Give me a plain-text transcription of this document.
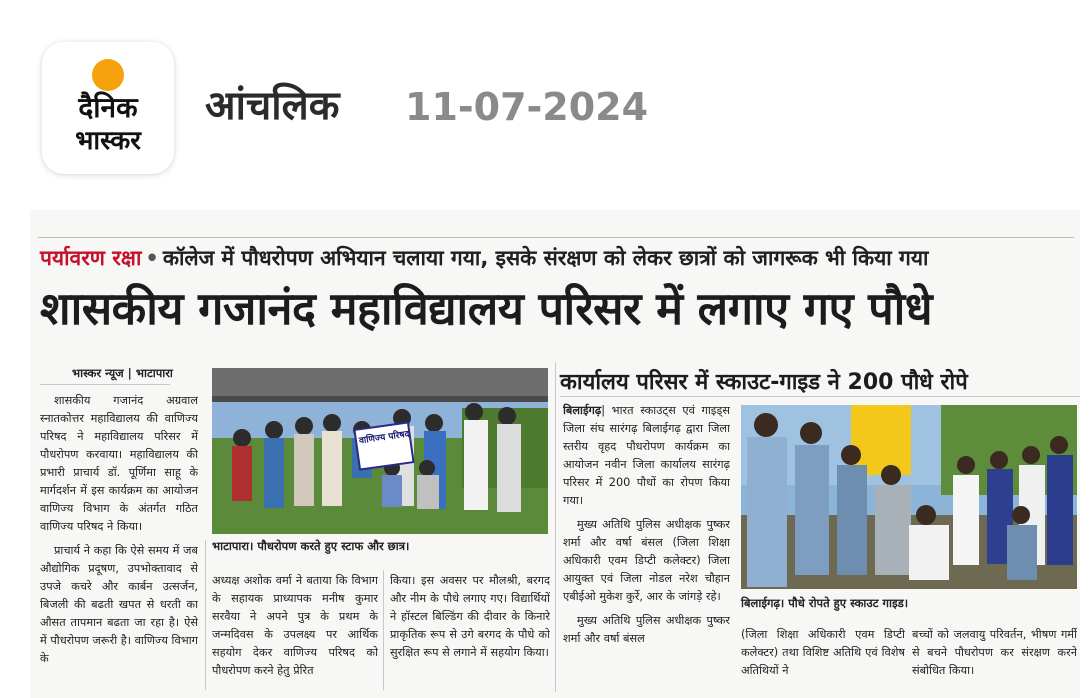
दैनिक
भास्कर
आंचलिक 11-07-2024
पर्यावरण रक्षा • कॉलेज में पौधरोपण अभियान चलाया गया, इसके संरक्षण को लेकर छात्रों को जागरूक भी किया गया
शासकीय गजानंद महाविद्यालय परिसर में लगाए गए पौधे
भास्कर न्यूज | भाटापारा

शासकीय गजानंद अग्रवाल स्नातकोत्तर महाविद्यालय की वाणिज्य परिषद ने महाविद्यालय परिसर में पौधरोपण करवाया। महाविद्यालय की प्रभारी प्राचार्य डॉ. पूर्णिमा साहू के मार्गदर्शन में इस कार्यक्रम का आयोजन वाणिज्य विभाग के अंतर्गत गठित वाणिज्य परिषद ने किया।

प्राचार्य ने कहा कि ऐसे समय में जब औद्योगिक प्रदूषण, उपभोक्तावाद से उपजे कचरे और कार्बन उत्सर्जन, बिजली की बढती खपत से धरती का औसत तापमान बढता जा रहा है। ऐसे में पौधरोपण जरूरी है। वाणिज्य विभाग के

वाणिज्य परिषद
भाटापारा। पौधरोपण करते हुए स्टाफ और छात्र।

अध्यक्ष अशोक वर्मा ने बताया कि विभाग के सहायक प्राध्यापक मनीष कुमार सरवैया ने अपने पुत्र के प्रथम के जन्मदिवस के उपलक्ष्य पर आर्थिक सहयोग देकर वाणिज्य परिषद को पौधरोपण करने हेतु प्रेरित

किया। इस अवसर पर मौलश्री, बरगद और नीम के पौधे लगाए गए। विद्यार्थियों ने हॉस्टल बिल्डिंग की दीवार के किनारे प्राकृतिक रूप से उगे बरगद के पौधे को सुरक्षित रूप से लगाने में सहयोग किया।

कार्यालय परिसर में स्काउट-गाइड ने 200 पौधे रोपे

बिलाईगढ़| भारत स्काउट्स एवं गाइड्स जिला संघ सारंगढ़ बिलाईगढ़ द्वारा जिला स्तरीय वृहद पौधरोपण कार्यक्रम का आयोजन नवीन जिला कार्यालय सारंगढ़ परिसर में 200 पौधों का रोपण किया गया।

मुख्य अतिथि पुलिस अधीक्षक पुष्कर शर्मा और वर्षा बंसल (जिला शिक्षा अधिकारी एवम डिप्टी कलेक्टर) जिला आयुक्त एवं जिला नोडल नरेश चौहान एबीईओ मुकेश कुर्रे, आर के जांगड़े रहे।

मुख्य अतिथि पुलिस अधीक्षक पुष्कर शर्मा और वर्षा बंसल

बिलाईगढ़। पौधे रोपते हुए स्काउट गाइड।

(जिला शिक्षा अधिकारी एवम डिप्टी कलेक्टर) तथा विशिष्ट अतिथि एवं विशेष अतिथियों ने

बच्चों को जलवायु परिवर्तन, भीषण गर्मी से बचने पौधरोपण कर संरक्षण करने संबोधित किया।
